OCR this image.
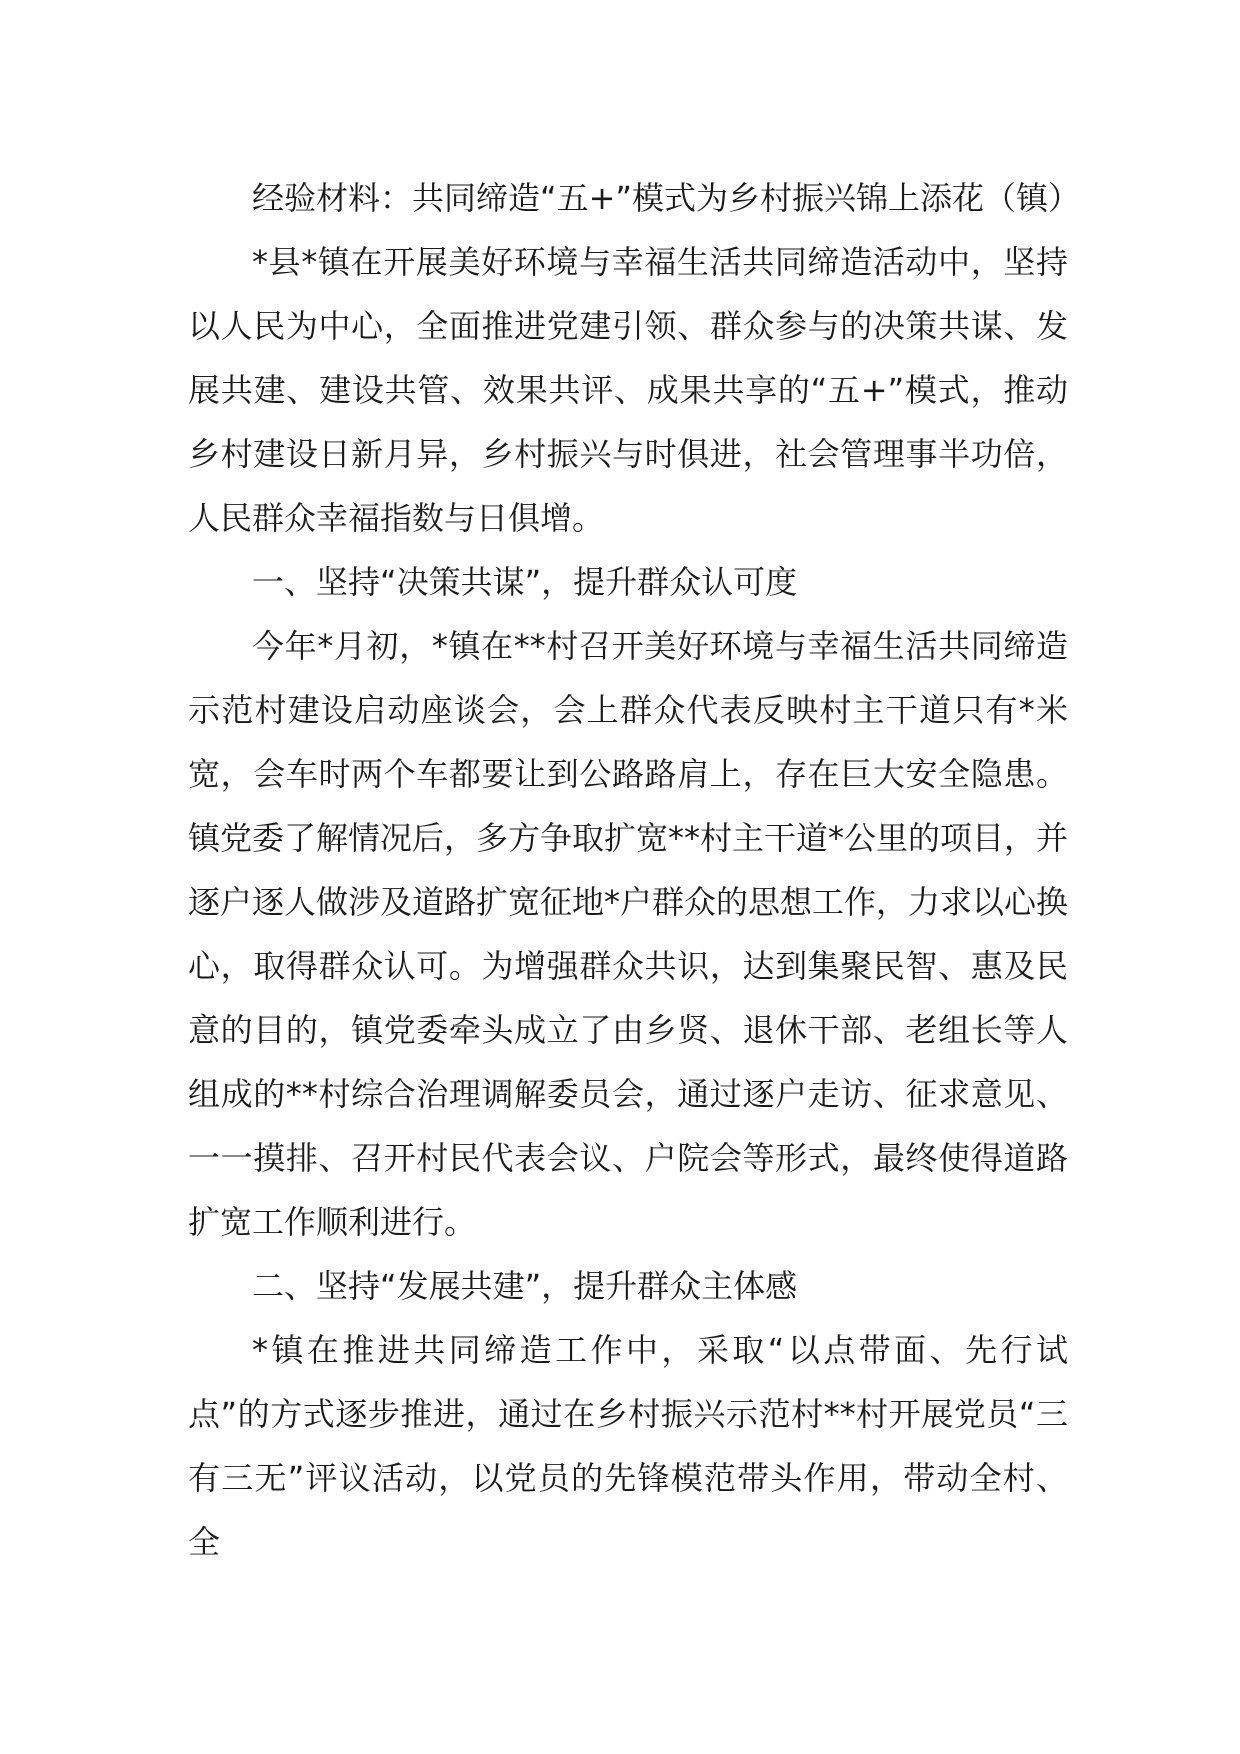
经验材料：共同缔造“五+”模式为乡村振兴锦上添花（镇）

*县*镇在开展美好环境与幸福生活共同缔造活动中，坚持以人民为中心，全面推进党建引领、群众参与的决策共谋、发展共建、建设共管、效果共评、成果共享的“五+”模式，推动乡村建设日新月异，乡村振兴与时俱进，社会管理事半功倍，人民群众幸福指数与日俱增。

一、坚持“决策共谋”，提升群众认可度

今年*月初，*镇在**村召开美好环境与幸福生活共同缔造示范村建设启动座谈会，会上群众代表反映村主干道只有*米宽，会车时两个车都要让到公路路肩上，存在巨大安全隐患。镇党委了解情况后，多方争取扩宽**村主干道*公里的项目，并逐户逐人做涉及道路扩宽征地*户群众的思想工作，力求以心换心，取得群众认可。为增强群众共识，达到集聚民智、惠及民意的目的，镇党委牵头成立了由乡贤、退休干部、老组长等人组成的**村综合治理调解委员会，通过逐户走访、征求意见、一一摸排、召开村民代表会议、户院会等形式，最终使得道路扩宽工作顺利进行。

二、坚持“发展共建”，提升群众主体感

*镇在推进共同缔造工作中，采取“以点带面、先行试点”的方式逐步推进，通过在乡村振兴示范村**村开展党员“三有三无”评议活动，以党员的先锋模范带头作用，带动全村、全
